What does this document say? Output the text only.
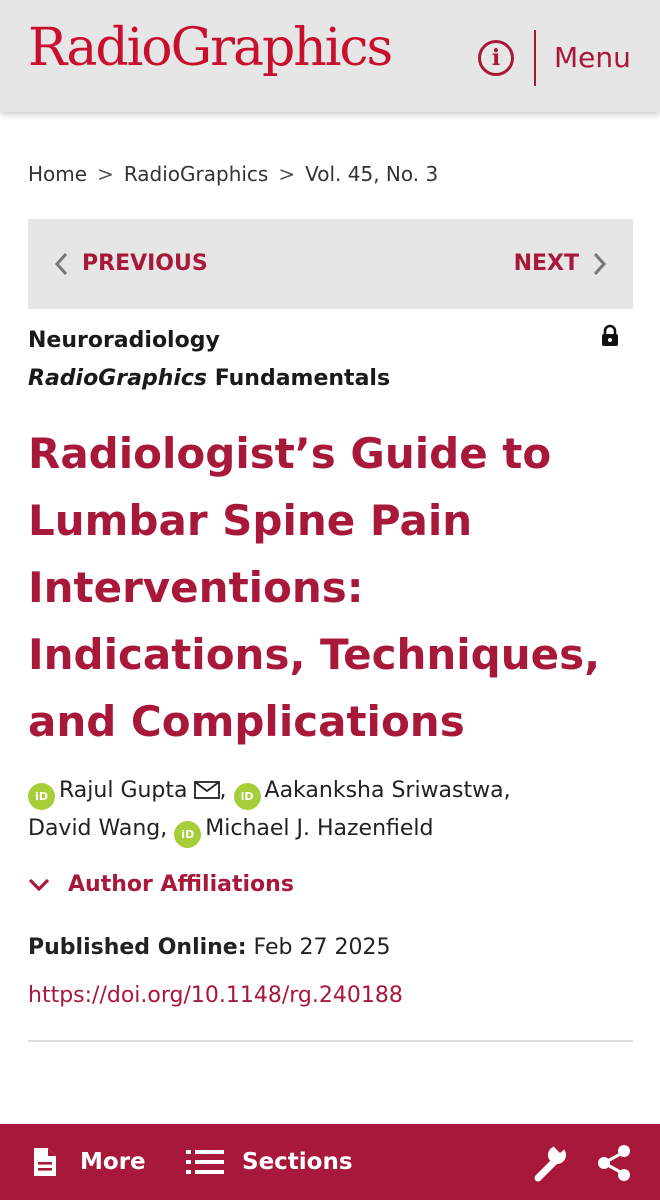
RadioGraphics	i	Menu
Home > RadioGraphics > Vol. 45, No. 3
PREVIOUS	NEXT
Neuroradiology
RadioGraphics Fundamentals
Radiologist’s Guide to Lumbar Spine Pain Interventions: Indications, Techniques, and Complications
iD Rajul Gupta , iD Aakanksha Sriwastwa,
David Wang, iD Michael J. Hazenfield
Author Affiliations
Published Online: Feb 27 2025
https://doi.org/10.1148/rg.240188
More	Sections
